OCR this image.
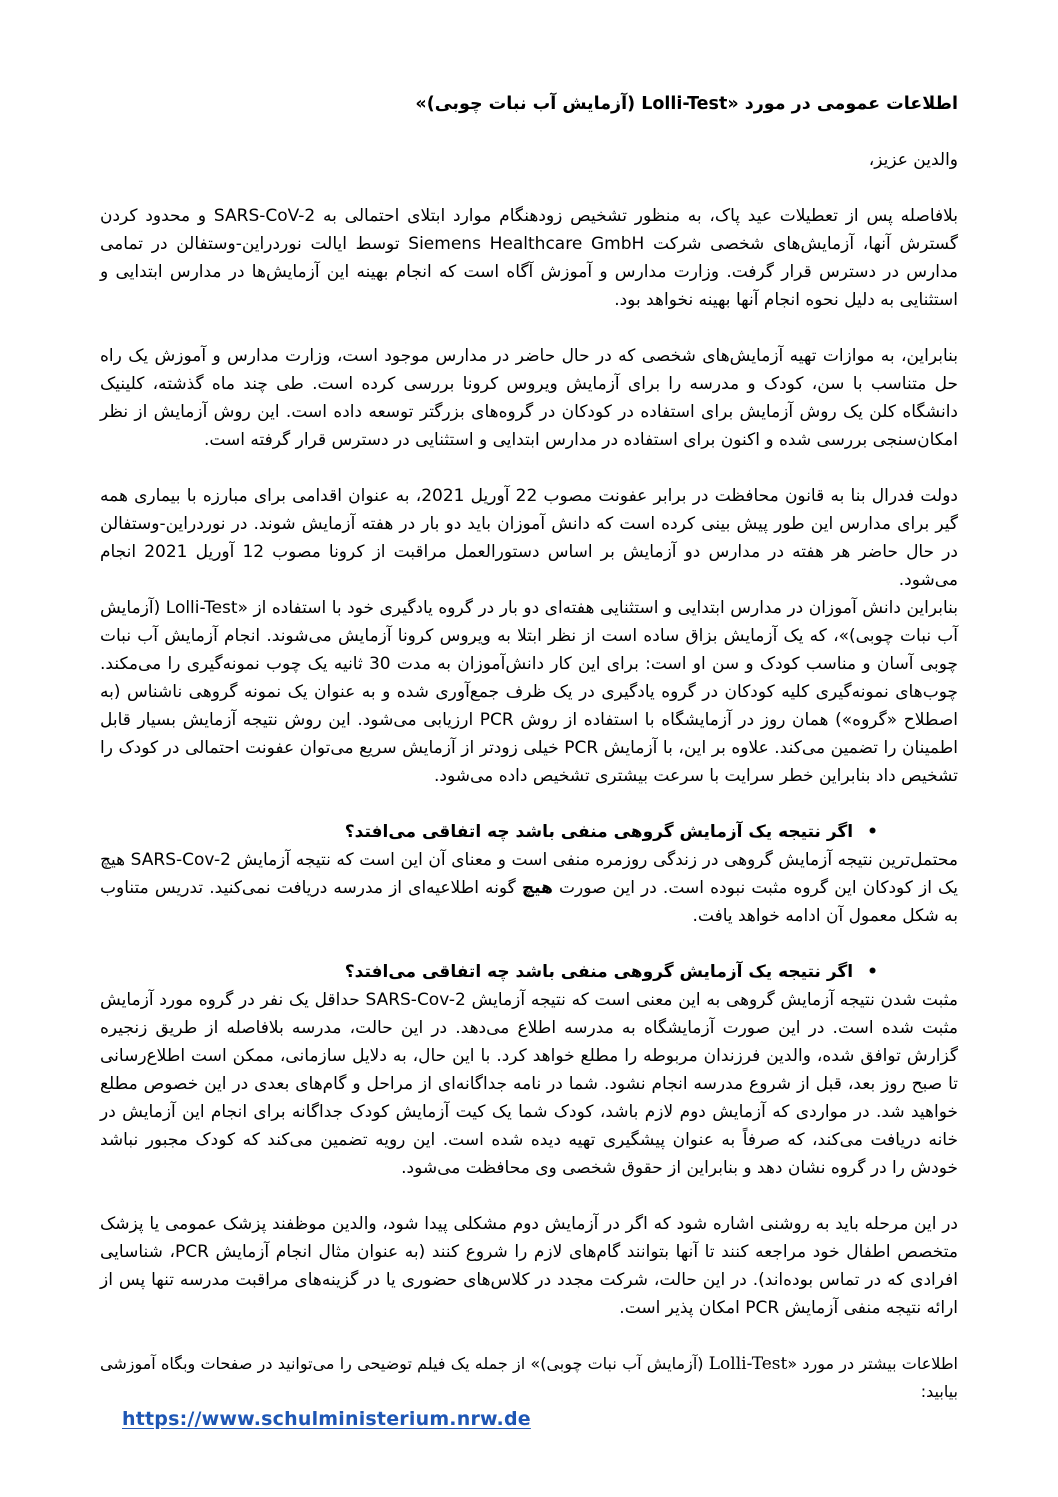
اطلاعات عمومی در مورد «Lolli-Test (آزمایش آب نبات چوبی)»
والدین عزیز،

بلافاصله پس از تعطیلات عید پاک، به منظور تشخیص زودهنگام موارد ابتلای احتمالی به SARS-CoV-2 و محدود کردن گسترش آنها، آزمایش‌های شخصی شرکت Siemens Healthcare GmbH توسط ایالت نوردراین-وستفالن در تمامی مدارس در دسترس قرار گرفت. وزارت مدارس و آموزش آگاه است که انجام بهینه این آزمایش‌ها در مدارس ابتدایی و استثنایی به دلیل نحوه انجام آنها بهینه نخواهد بود.

بنابراین، به موازات تهیه آزمایش‌های شخصی که در حال حاضر در مدارس موجود است، وزارت مدارس و آموزش یک راه حل متناسب با سن، کودک و مدرسه را برای آزمایش ویروس کرونا بررسی کرده است. طی چند ماه گذشته، کلینیک دانشگاه کلن یک روش آزمایش برای استفاده در کودکان در گروه‌های بزرگتر توسعه داده است. این روش آزمایش از نظر امکان‌سنجی بررسی شده و اکنون برای استفاده در مدارس ابتدایی و استثنایی در دسترس قرار گرفته است.

دولت فدرال بنا به قانون محافظت در برابر عفونت مصوب 22 آوریل 2021، به عنوان اقدامی برای مبارزه با بیماری همه گیر برای مدارس این طور پیش بینی کرده است که دانش آموزان باید دو بار در هفته آزمایش شوند. در نوردراین-وستفالن در حال حاضر هر هفته در مدارس دو آزمایش بر اساس دستورالعمل مراقبت از کرونا مصوب 12 آوریل 2021 انجام می‌شود.

بنابراین دانش آموزان در مدارس ابتدایی و استثنایی هفته‌ای دو بار در گروه یادگیری خود با استفاده از «Lolli-Test (آزمایش آب نبات چوبی)»، که یک آزمایش بزاق ساده است از نظر ابتلا به ویروس کرونا آزمایش می‌شوند. انجام آزمایش آب نبات چوبی آسان و مناسب کودک و سن او است: برای این کار دانش‌آموزان به مدت 30 ثانیه یک چوب نمونه‌گیری را می‌مکند. چوب‌های نمونه‌گیری کلیه کودکان در گروه یادگیری در یک ظرف جمع‌آوری شده و به عنوان یک نمونه گروهی ناشناس (به اصطلاح «گروه») همان روز در آزمایشگاه با استفاده از روش PCR ارزیابی می‌شود. این روش نتیجه آزمایش بسیار قابل اطمینان را تضمین می‌کند. علاوه بر این، با آزمایش PCR خیلی زودتر از آزمایش سریع می‌توان عفونت احتمالی در کودک را تشخیص داد بنابراین خطر سرایت با سرعت بیشتری تشخیص داده می‌شود.

•اگر نتیجه یک آزمایش گروهی منفی باشد چه اتفاقی می‌افتد؟

محتمل‌ترین نتیجه آزمایش گروهی در زندگی روزمره منفی است و معنای آن این است که نتیجه آزمایش SARS-Cov-2 هیچ یک از کودکان این گروه مثبت نبوده است. در این صورت هیچ گونه اطلاعیه‌ای از مدرسه دریافت نمی‌کنید. تدریس متناوب به شکل معمول آن ادامه خواهد یافت.

•اگر نتیجه یک آزمایش گروهی منفی باشد چه اتفاقی می‌افتد؟

مثبت شدن نتیجه آزمایش گروهی به این معنی است که نتیجه آزمایش SARS-Cov-2 حداقل یک نفر در گروه مورد آزمایش مثبت شده است. در این صورت آزمایشگاه به مدرسه اطلاع می‌دهد. در این حالت، مدرسه بلافاصله از طریق زنجیره گزارش توافق شده، والدین فرزندان مربوطه را مطلع خواهد کرد. با این حال، به دلایل سازمانی، ممکن است اطلاع‌رسانی تا صبح روز بعد، قبل از شروع مدرسه انجام نشود. شما در نامه جداگانه‌ای از مراحل و گام‌های بعدی در این خصوص مطلع خواهید شد. در مواردی که آزمایش دوم لازم باشد، کودک شما یک کیت آزمایش کودک جداگانه برای انجام این آزمایش در خانه دریافت می‌کند، که صرفاً به عنوان پیشگیری تهیه دیده شده است. این رویه تضمین می‌کند که کودک مجبور نباشد خودش را در گروه نشان دهد و بنابراین از حقوق شخصی وی محافظت می‌شود.

در این مرحله باید به روشنی اشاره شود که اگر در آزمایش دوم مشکلی پیدا شود، والدین موظفند پزشک عمومی یا پزشک متخصص اطفال خود مراجعه کنند تا آنها بتوانند گام‌های لازم را شروع کنند (به عنوان مثال انجام آزمایش PCR، شناسایی افرادی که در تماس بوده‌اند). در این حالت، شرکت مجدد در کلاس‌های حضوری یا در گزینه‌های مراقبت مدرسه تنها پس از ارائه نتیجه منفی آزمایش PCR امکان پذیر است.

اطلاعات بیشتر در مورد «Lolli-Test (آزمایش آب نبات چوبی)» از جمله یک فیلم توضیحی را می‌توانید در صفحات وبگاه آموزشی بیابید:

https://www.schulministerium.nrw.de
